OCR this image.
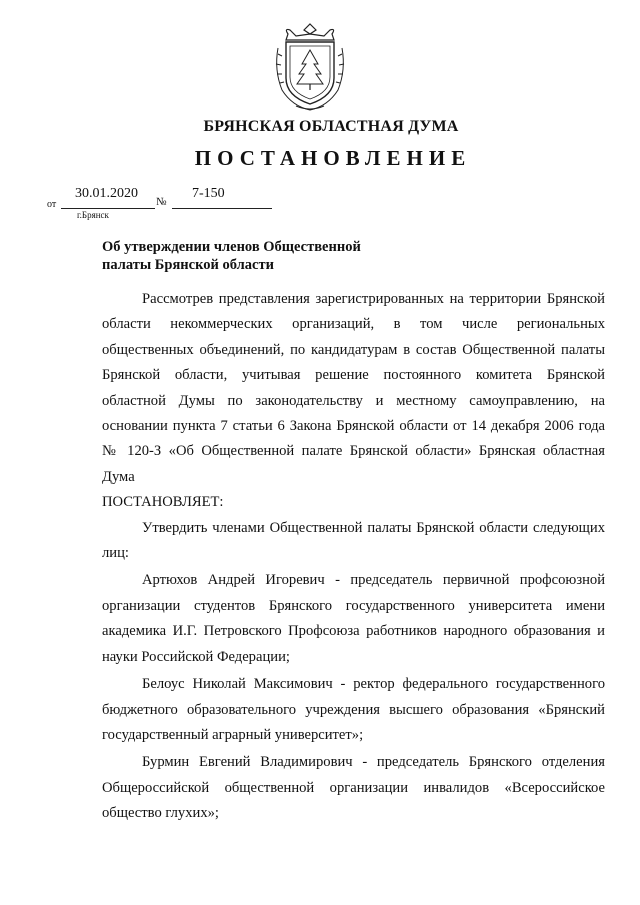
БРЯНСКАЯ ОБЛАСТНАЯ ДУМА
ПОСТАНОВЛЕНИЕ
от
30.01.2020
№
7-150
г.Брянск
Об утверждении членов Общественной
палаты Брянской области

Рассмотрев представления зарегистрированных на территории Брянской области некоммерческих организаций, в том числе региональных общественных объединений, по кандидатурам в состав Общественной палаты Брянской области, учитывая решение постоянного комитета Брянской областной Думы по законодательству и местному самоуправлению, на основании пункта 7 статьи 6 Закона Брянской области от 14 декабря 2006 года № 120-З «Об Общественной палате Брянской области» Брянская областная Дума

ПОСТАНОВЛЯЕТ:

Утвердить членами Общественной палаты Брянской области следующих лиц:

Артюхов Андрей Игоревич - председатель первичной профсоюзной организации студентов Брянского государственного университета имени академика И.Г. Петровского Профсоюза работников народного образования и науки Российской Федерации;

Белоус Николай Максимович - ректор федерального государственного бюджетного образовательного учреждения высшего образования «Брянский государственный аграрный университет»;

Бурмин Евгений Владимирович - председатель Брянского отделения Общероссийской общественной организации инвалидов «Всероссийское общество глухих»;
